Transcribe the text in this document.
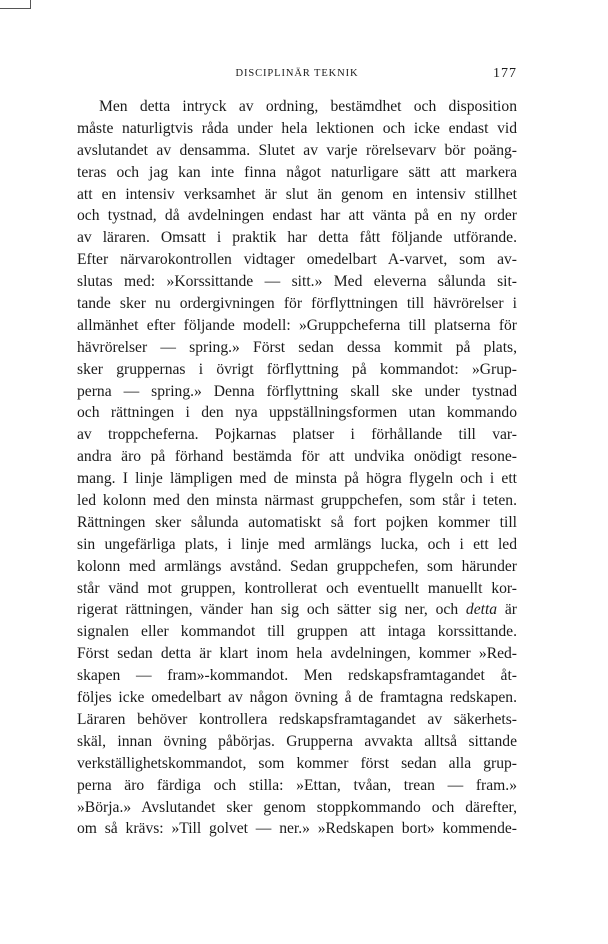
DISCIPLINÄR TEKNIK	177
Men detta intryck av ordning, bestämdhet och disposition
måste naturligtvis råda under hela lektionen och icke endast vid
avslutandet av densamma. Slutet av varje rörelsevarv bör poäng-
teras och jag kan inte finna något naturligare sätt att markera
att en intensiv verksamhet är slut än genom en intensiv stillhet
och tystnad, då avdelningen endast har att vänta på en ny order
av läraren. Omsatt i praktik har detta fått följande utförande.
Efter närvarokontrollen vidtager omedelbart A-varvet, som av-
slutas med: »Korssittande — sitt.» Med eleverna sålunda sit-
tande sker nu ordergivningen för förflyttningen till hävrörelser i
allmänhet efter följande modell: »Gruppcheferna till platserna för
hävrörelser — spring.» Först sedan dessa kommit på plats,
sker gruppernas i övrigt förflyttning på kommandot: »Grup-
perna — spring.» Denna förflyttning skall ske under tystnad
och rättningen i den nya uppställningsformen utan kommando
av troppcheferna. Pojkarnas platser i förhållande till var-
andra äro på förhand bestämda för att undvika onödigt resone-
mang. I linje lämpligen med de minsta på högra flygeln och i ett
led kolonn med den minsta närmast gruppchefen, som står i teten.
Rättningen sker sålunda automatiskt så fort pojken kommer till
sin ungefärliga plats, i linje med armlängs lucka, och i ett led
kolonn med armlängs avstånd. Sedan gruppchefen, som härunder
står vänd mot gruppen, kontrollerat och eventuellt manuellt kor-
rigerat rättningen, vänder han sig och sätter sig ner, och detta är
signalen eller kommandot till gruppen att intaga korssittande.
Först sedan detta är klart inom hela avdelningen, kommer »Red-
skapen — fram»-kommandot. Men redskapsframtagandet åt-
följes icke omedelbart av någon övning å de framtagna redskapen.
Läraren behöver kontrollera redskapsframtagandet av säkerhets-
skäl, innan övning påbörjas. Grupperna avvakta alltså sittande
verkställighetskommandot, som kommer först sedan alla grup-
perna äro färdiga och stilla: »Ettan, tvåan, trean — fram.»
»Börja.» Avslutandet sker genom stoppkommando och därefter,
om så krävs: »Till golvet — ner.» »Redskapen bort» kommende-
